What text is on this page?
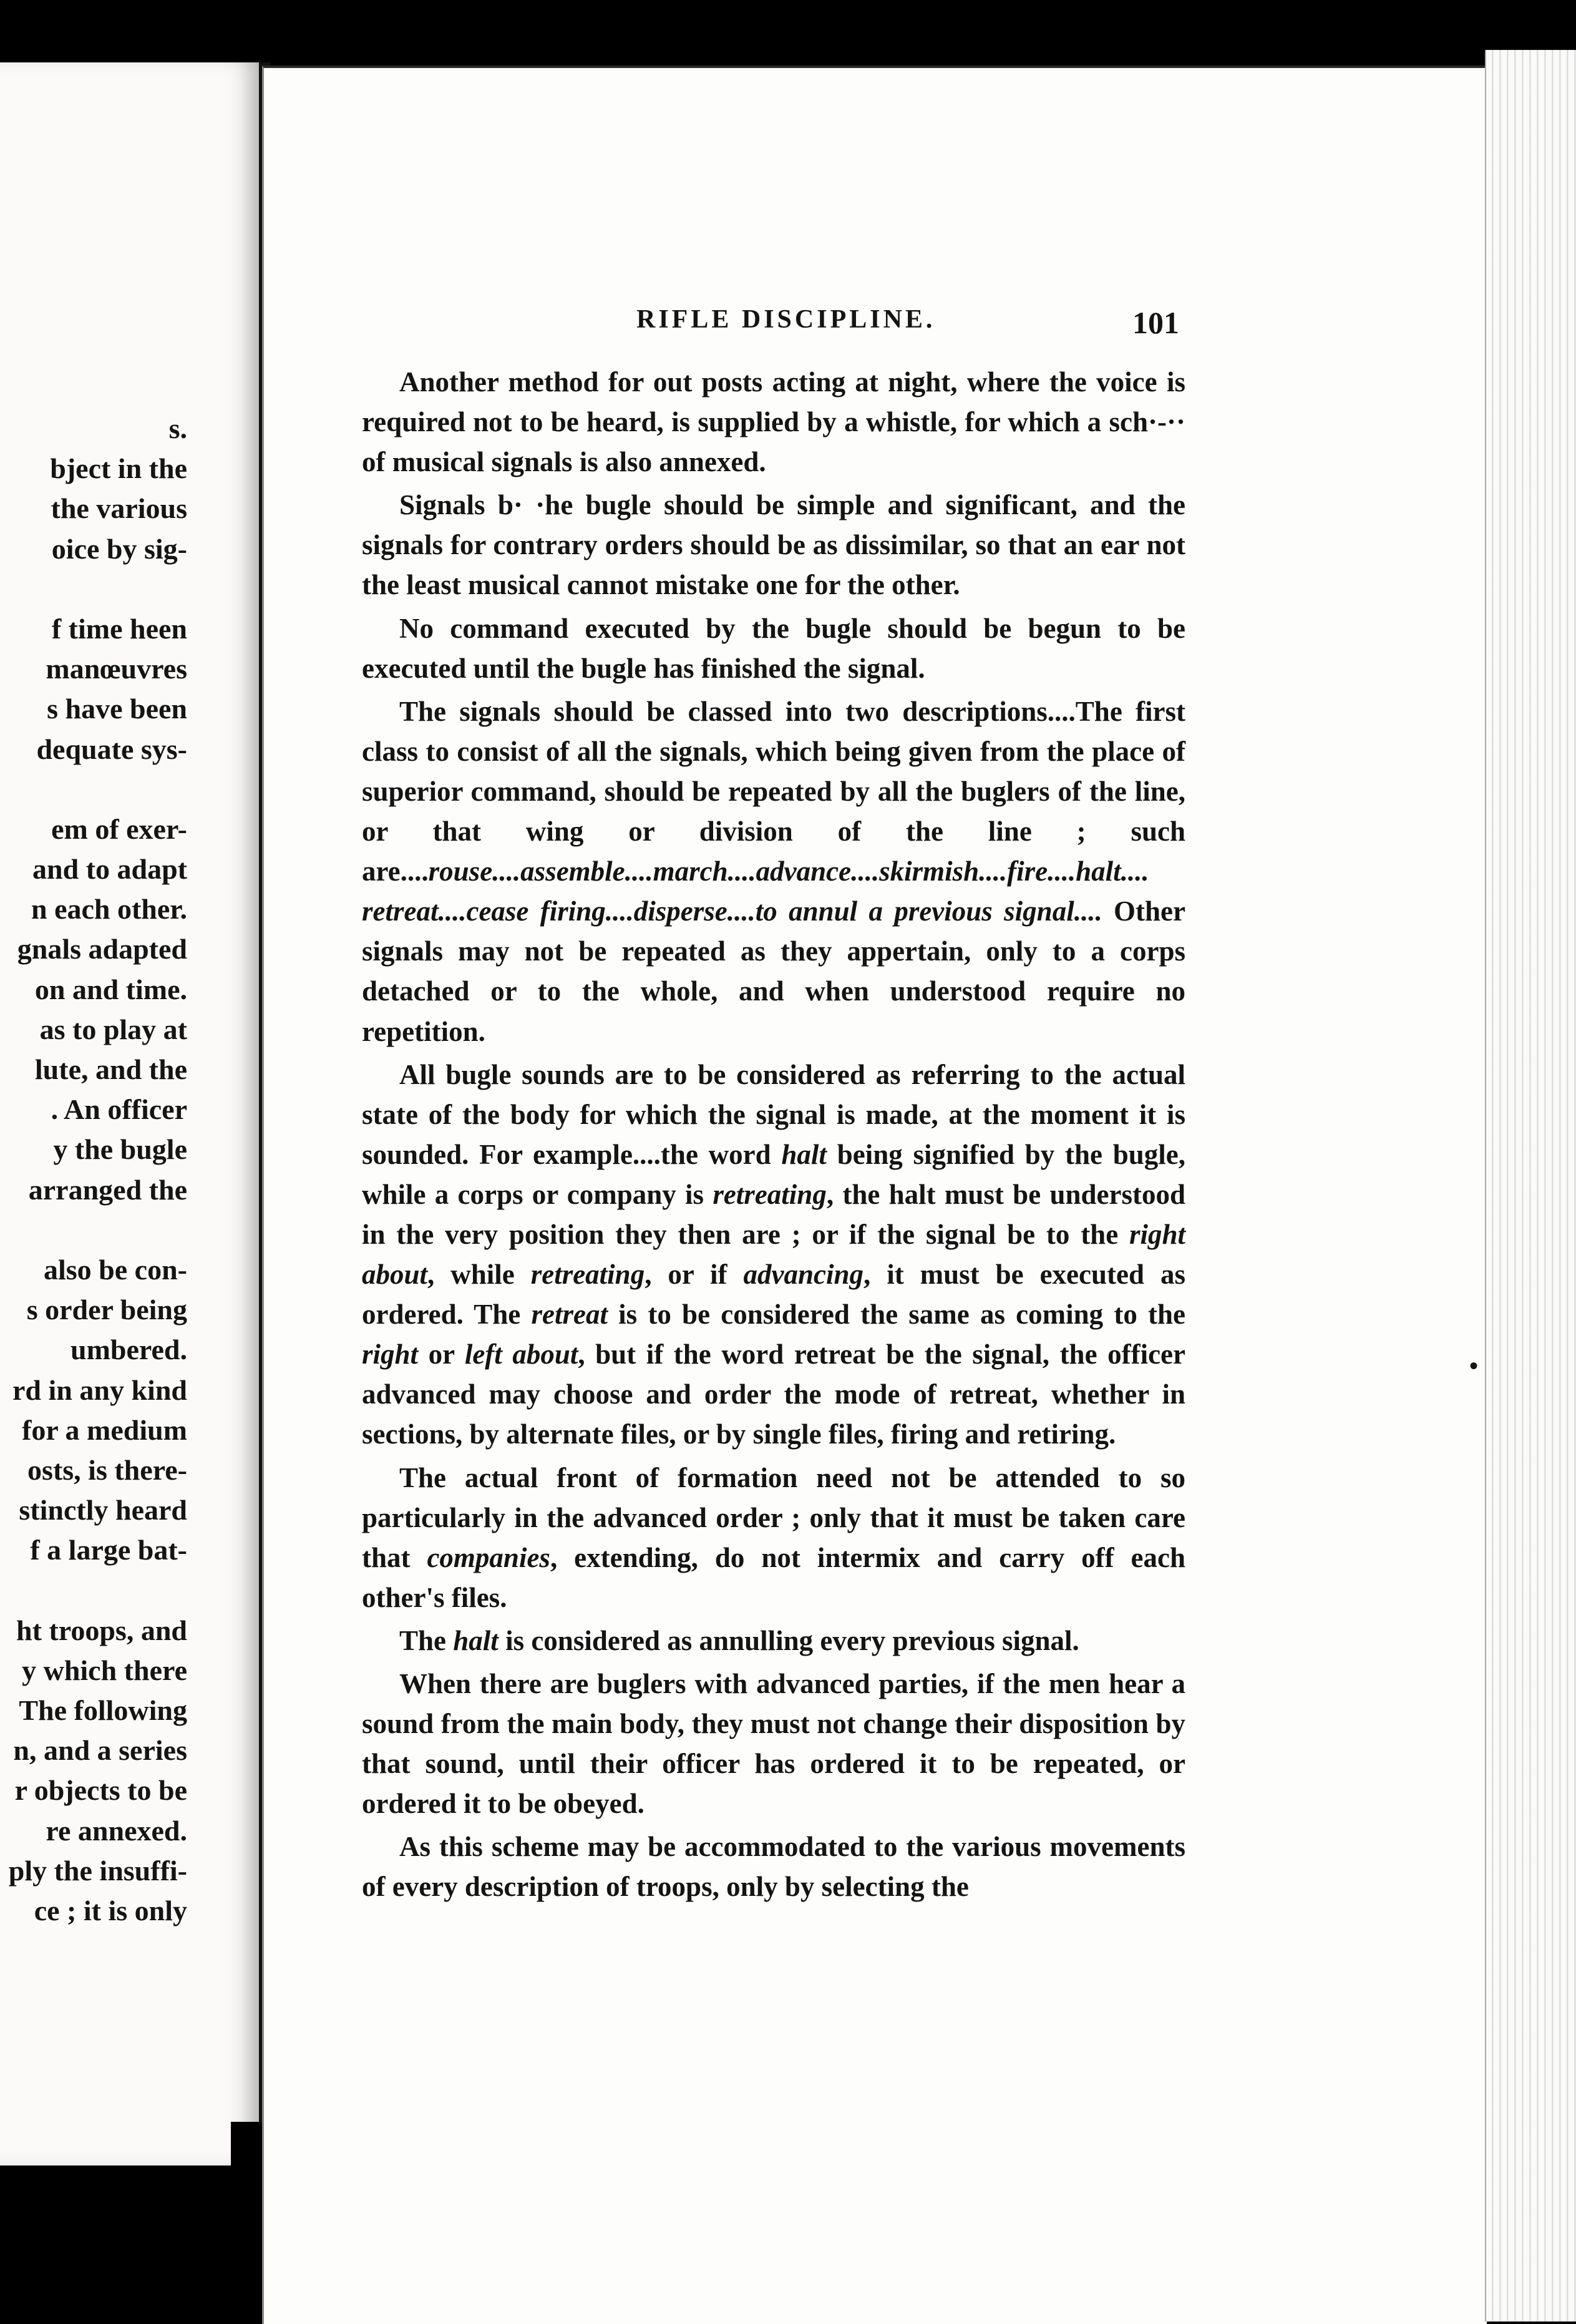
s.
bject in the
the various
oice by sig-
f time heen
manœuvres
s have been
dequate sys-
em of exer-
and to adapt
n each other.
gnals adapted
on and time.
as to play at
lute, and the
. An officer
y the bugle
arranged the
also be con-
s order being
umbered.
rd in any kind
for a medium
osts, is there-
stinctly heard
f a large bat-
ht troops, and
y which there
The following
n, and a series
r objects to be
re annexed.
ply the insuffi-
ce ; it is only
RIFLE DISCIPLINE.	101

Another method for out posts acting at night, where the voice is required not to be heard, is supplied by a whistle, for which a sch·-·· of musical signals is also annexed.

Signals b· ·he bugle should be simple and significant, and the signals for contrary orders should be as dissimilar, so that an ear not the least musical cannot mistake one for the other.

No command executed by the bugle should be begun to be executed until the bugle has finished the signal.

The signals should be classed into two descriptions....The first class to consist of all the signals, which being given from the place of superior command, should be repeated by all the buglers of the line, or that wing or division of the line ; such are....rouse....assemble....march....advance....skirmish....fire....halt.... retreat....cease firing....disperse....to annul a previous signal.... Other signals may not be repeated as they appertain, only to a corps detached or to the whole, and when understood require no repetition.

All bugle sounds are to be considered as referring to the actual state of the body for which the signal is made, at the moment it is sounded. For example....the word halt being signified by the bugle, while a corps or company is retreating, the halt must be understood in the very position they then are ; or if the signal be to the right about, while retreating, or if advancing, it must be executed as ordered. The retreat is to be considered the same as coming to the right or left about, but if the word retreat be the signal, the officer advanced may choose and order the mode of retreat, whether in sections, by alternate files, or by single files, firing and retiring.

The actual front of formation need not be attended to so particularly in the advanced order ; only that it must be taken care that companies, extending, do not intermix and carry off each other's files.

The halt is considered as annulling every previous signal.

When there are buglers with advanced parties, if the men hear a sound from the main body, they must not change their disposition by that sound, until their officer has ordered it to be repeated, or ordered it to be obeyed.

As this scheme may be accommodated to the various movements of every description of troops, only by selecting the

•
